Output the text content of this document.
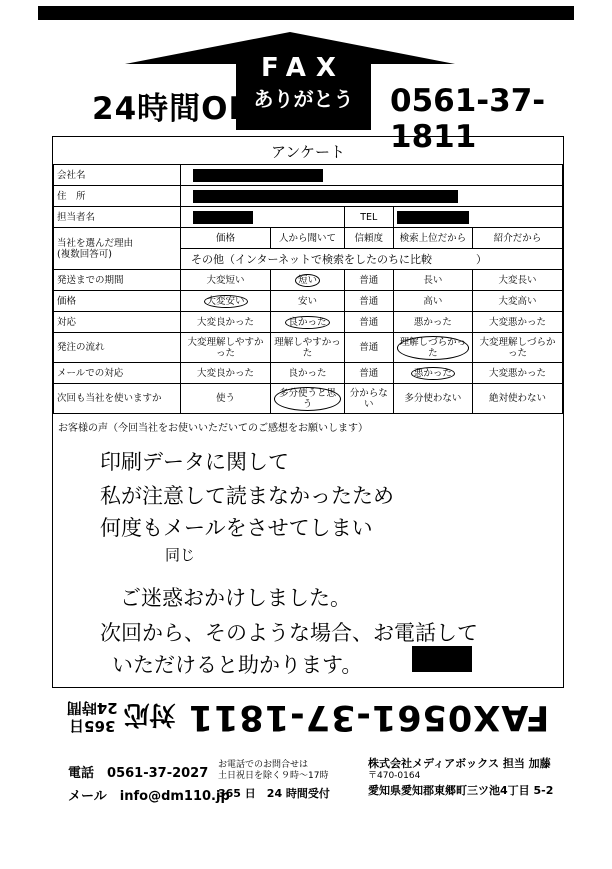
FAX
ありがとう
24時間OK	0561-37-1811
アンケート
会社名					
住　所					
担当者名			TEL		
当社を選んだ理由
(複数回答可)	価格	人から聞いて	信頼度	検索上位だから	紹介だから
	その他（インターネットで検索をしたのちに比較　　　　 ）				
発送までの期間	大変短い	短い	普通	長い	大変長い
価格	大変安い	安い	普通	高い	大変高い
対応	大変良かった	良かった	普通	悪かった	大変悪かった
発注の流れ	大変理解しやすかった	理解しやすかった	普通	理解しづらかった	大変理解しづらかった
メールでの対応	大変良かった	良かった	普通	悪かった	大変悪かった
次回も当社を使いますか	使う	多分使うと思う	分からない	多分使わない	絶対使わない
お客様の声（今回当社をお使いいただいてのご感想をお願いします）
印刷データに関して
私が注意して読まなかったため
何度もメールをさせてしまい
同じ
ご迷惑おかけしました。
次回から、そのような場合、お電話して
いただけると助かります。
FAX0561-37-1811
対応
365日
24時間
電話　 0561-37-2027
メール　 info@dm110.jp
お電話でのお問合せは
土日祝日を除く９時～17時
365 日　24 時間受付
株式会社メディアボックス 担当 加藤
〒470-0164
愛知県愛知郡東郷町三ツ池4丁目 5-2
